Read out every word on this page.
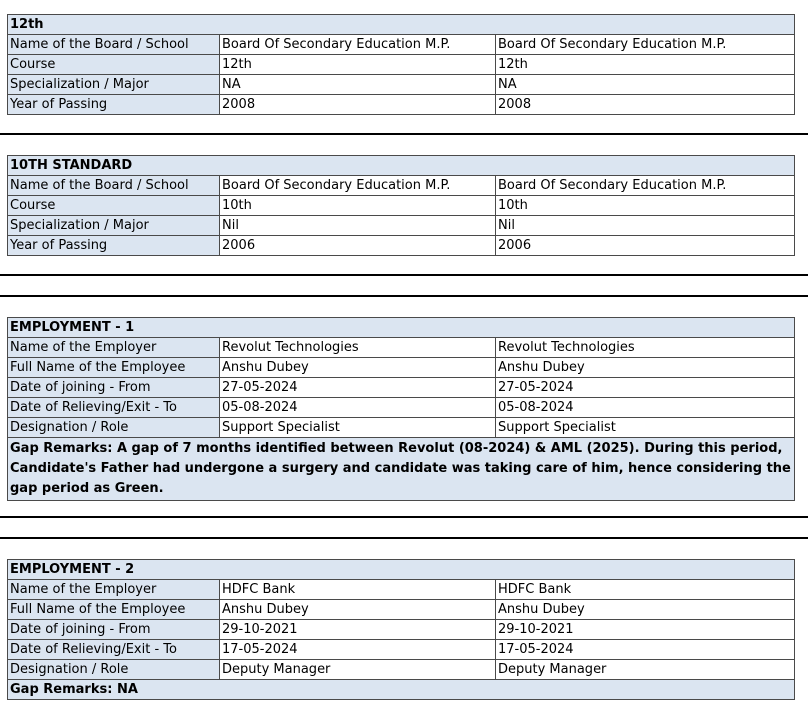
12th		
Name of the Board / School	Board Of Secondary Education M.P.	Board Of Secondary Education M.P.
Course	12th	12th
Specialization / Major	NA	NA
Year of Passing	2008	2008
10TH STANDARD		
Name of the Board / School	Board Of Secondary Education M.P.	Board Of Secondary Education M.P.
Course	10th	10th
Specialization / Major	Nil	Nil
Year of Passing	2006	2006
EMPLOYMENT - 1		
Name of the Employer	Revolut Technologies	Revolut Technologies
Full Name of the Employee	Anshu Dubey	Anshu Dubey
Date of joining - From	27-05-2024	27-05-2024
Date of Relieving/Exit - To	05-08-2024	05-08-2024
Designation / Role	Support Specialist	Support Specialist
Gap Remarks: A gap of 7 months identified between Revolut (08-2024) & AML (2025). During this period, Candidate's Father had undergone a surgery and candidate was taking care of him, hence considering the gap period as Green.		
EMPLOYMENT - 2		
Name of the Employer	HDFC Bank	HDFC Bank
Full Name of the Employee	Anshu Dubey	Anshu Dubey
Date of joining - From	29-10-2021	29-10-2021
Date of Relieving/Exit - To	17-05-2024	17-05-2024
Designation / Role	Deputy Manager	Deputy Manager
Gap Remarks: NA		
